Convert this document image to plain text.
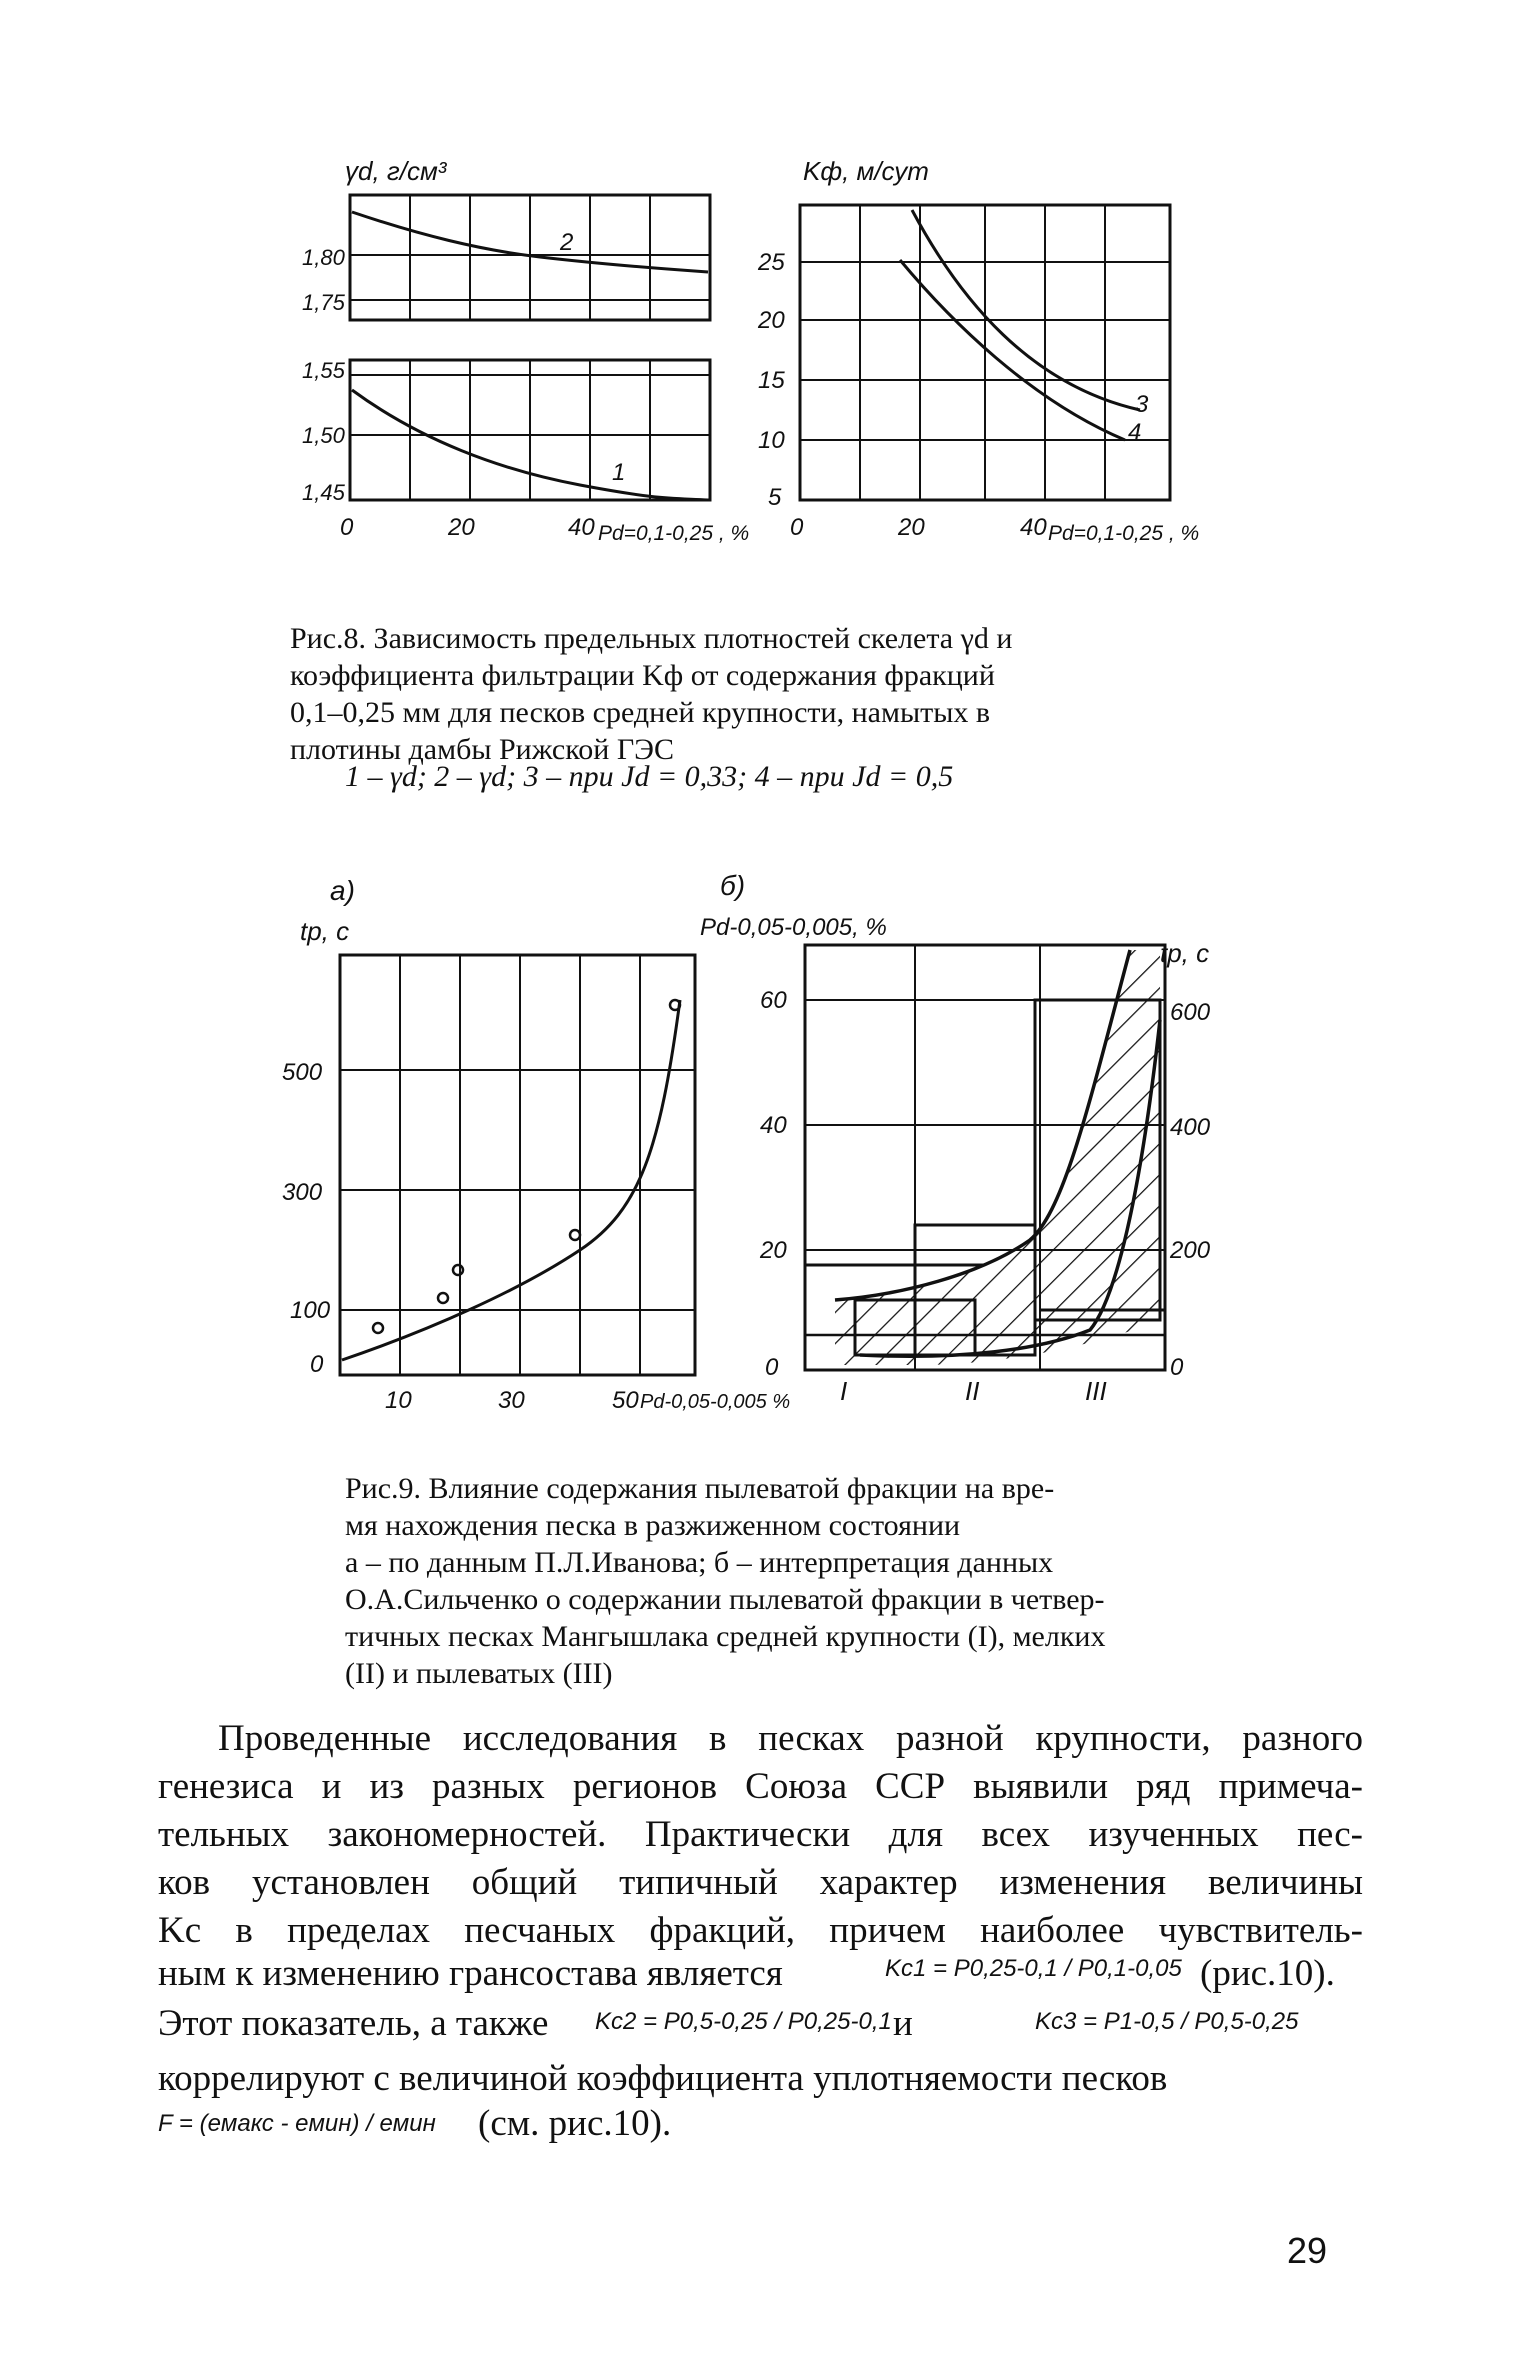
γd, г/см³
1,80
1,75
1,55
1,50
1,45
0	20	40 Pd=0,1-0,25 , %
2
1
Kф, м/сут
25
20
15
10
5
0	20	40 Pd=0,1-0,25 , %
3
4
Рис.8. Зависимость предельных плотностей скелета γd и
коэффициента фильтрации Kф от содержания фракций
0,1–0,25 мм для песков средней крупности, намытых в
плотины дамбы Рижской ГЭС
1 – γd; 2 – γd; 3 – при Jd = 0,33; 4 – при Jd = 0,5
а)
tp, c
500
300
100
0
10	30	50 Pd-0,05-0,005 %
б)
Pd-0,05-0,005, %
60
40
20
0
tp, c
600
400
200
0
I	II	III
Рис.9. Влияние содержания пылеватой фракции на вре-
мя нахождения песка в разжиженном состоянии
а – по данным П.Л.Иванова; б – интерпретация данных
О.А.Сильченко о содержании пылеватой фракции в четвер-
тичных песках Мангышлака средней крупности (I), мелких
(II) и пылеватых (III)
Проведенные исследования в песках разной крупности, разного
генезиса и из разных регионов Союза ССР выявили ряд примеча-
тельных закономерностей. Практически для всех изученных пес-
ков установлен общий типичный характер изменения величины
Kc в пределах песчаных фракций, причем наиболее чувствитель-
ным к изменению грансостава является	Kc1 = P0,25-0,1 / P0,1-0,05 (рис.10).
Этот показатель, а также Kc2 = P0,5-0,25 / P0,25-0,1 и	Kc3 = P1-0,5 / P0,5-0,25
коррелируют с величиной коэффициента уплотняемости песков
F = (eмакс - eмин) / eмин (см. рис.10).
29
